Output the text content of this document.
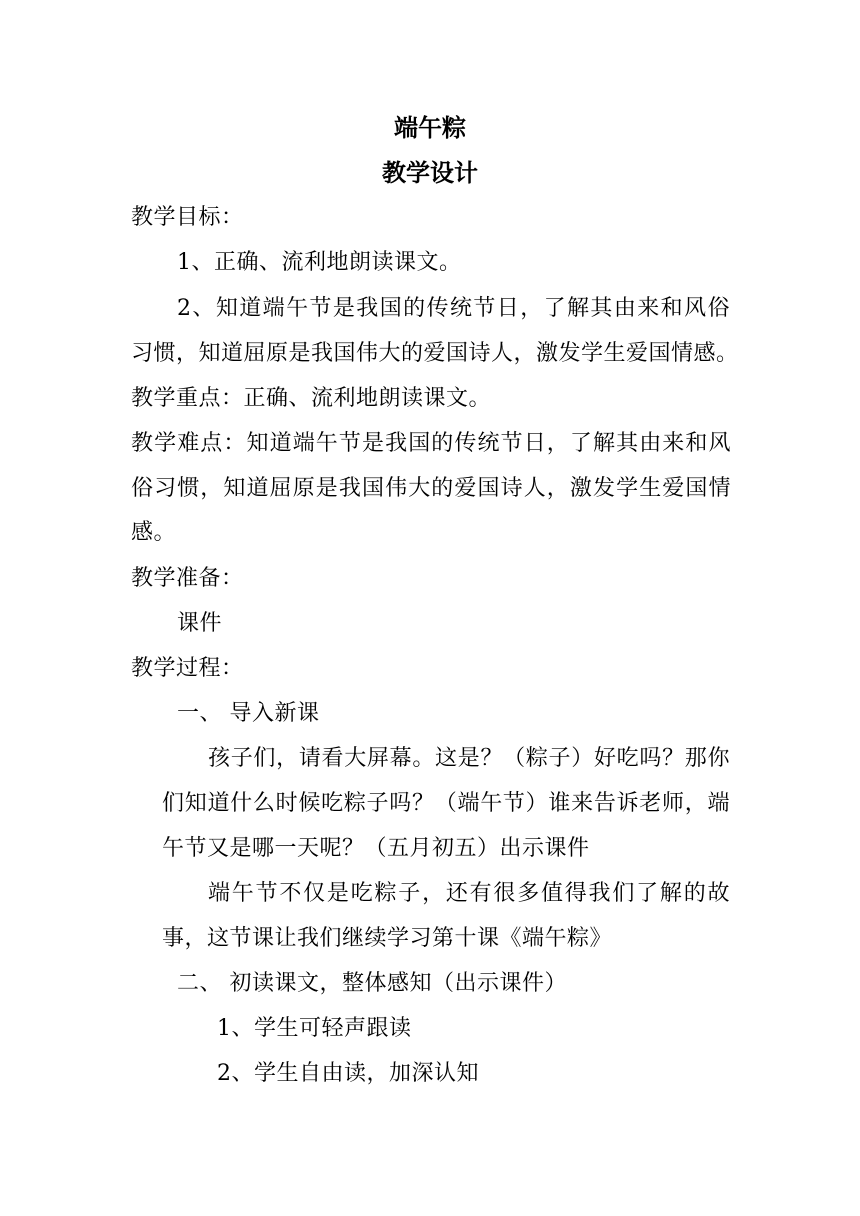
端午粽
教学设计
教学目标：
1、正确、流利地朗读课文。
2、知道端午节是我国的传统节日，了解其由来和风俗
习惯，知道屈原是我国伟大的爱国诗人，激发学生爱国情感。
教学重点：正确、流利地朗读课文。
教学难点：知道端午节是我国的传统节日，了解其由来和风
俗习惯，知道屈原是我国伟大的爱国诗人，激发学生爱国情
感。
教学准备：
课件
教学过程：
一、 导入新课
孩子们，请看大屏幕。这是？（粽子）好吃吗？那你
们知道什么时候吃粽子吗？（端午节）谁来告诉老师，端
午节又是哪一天呢？（五月初五）出示课件
端午节不仅是吃粽子，还有很多值得我们了解的故
事，这节课让我们继续学习第十课《端午粽》
二、 初读课文，整体感知（出示课件）
1、学生可轻声跟读
2、学生自由读，加深认知
